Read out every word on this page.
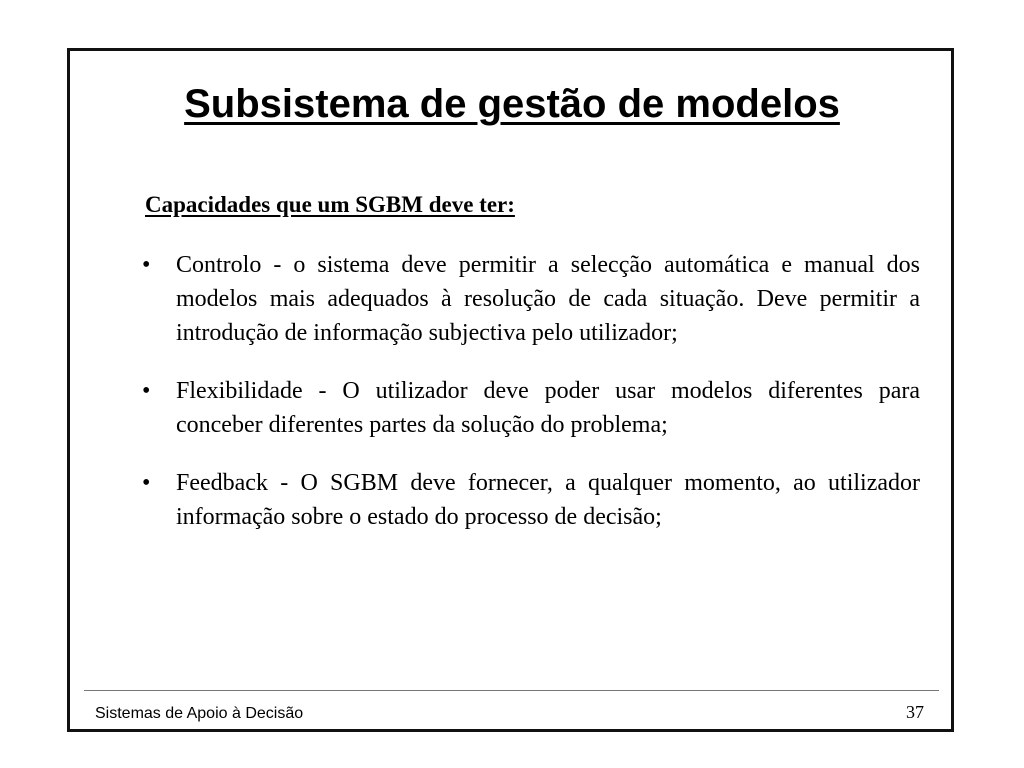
Subsistema de gestão de modelos

Capacidades que um SGBM deve ter:

•	Controlo - o sistema deve permitir a selecção automática e manual dos modelos mais adequados à resolução de cada situação. Deve permitir a introdução de informação subjectiva pelo utilizador;
•	Flexibilidade - O utilizador deve poder usar modelos diferentes para conceber diferentes partes da solução do problema;
•	Feedback - O SGBM deve fornecer, a qualquer momento, ao utilizador informação sobre o estado do processo de decisão;
Sistemas de Apoio à Decisão	37
